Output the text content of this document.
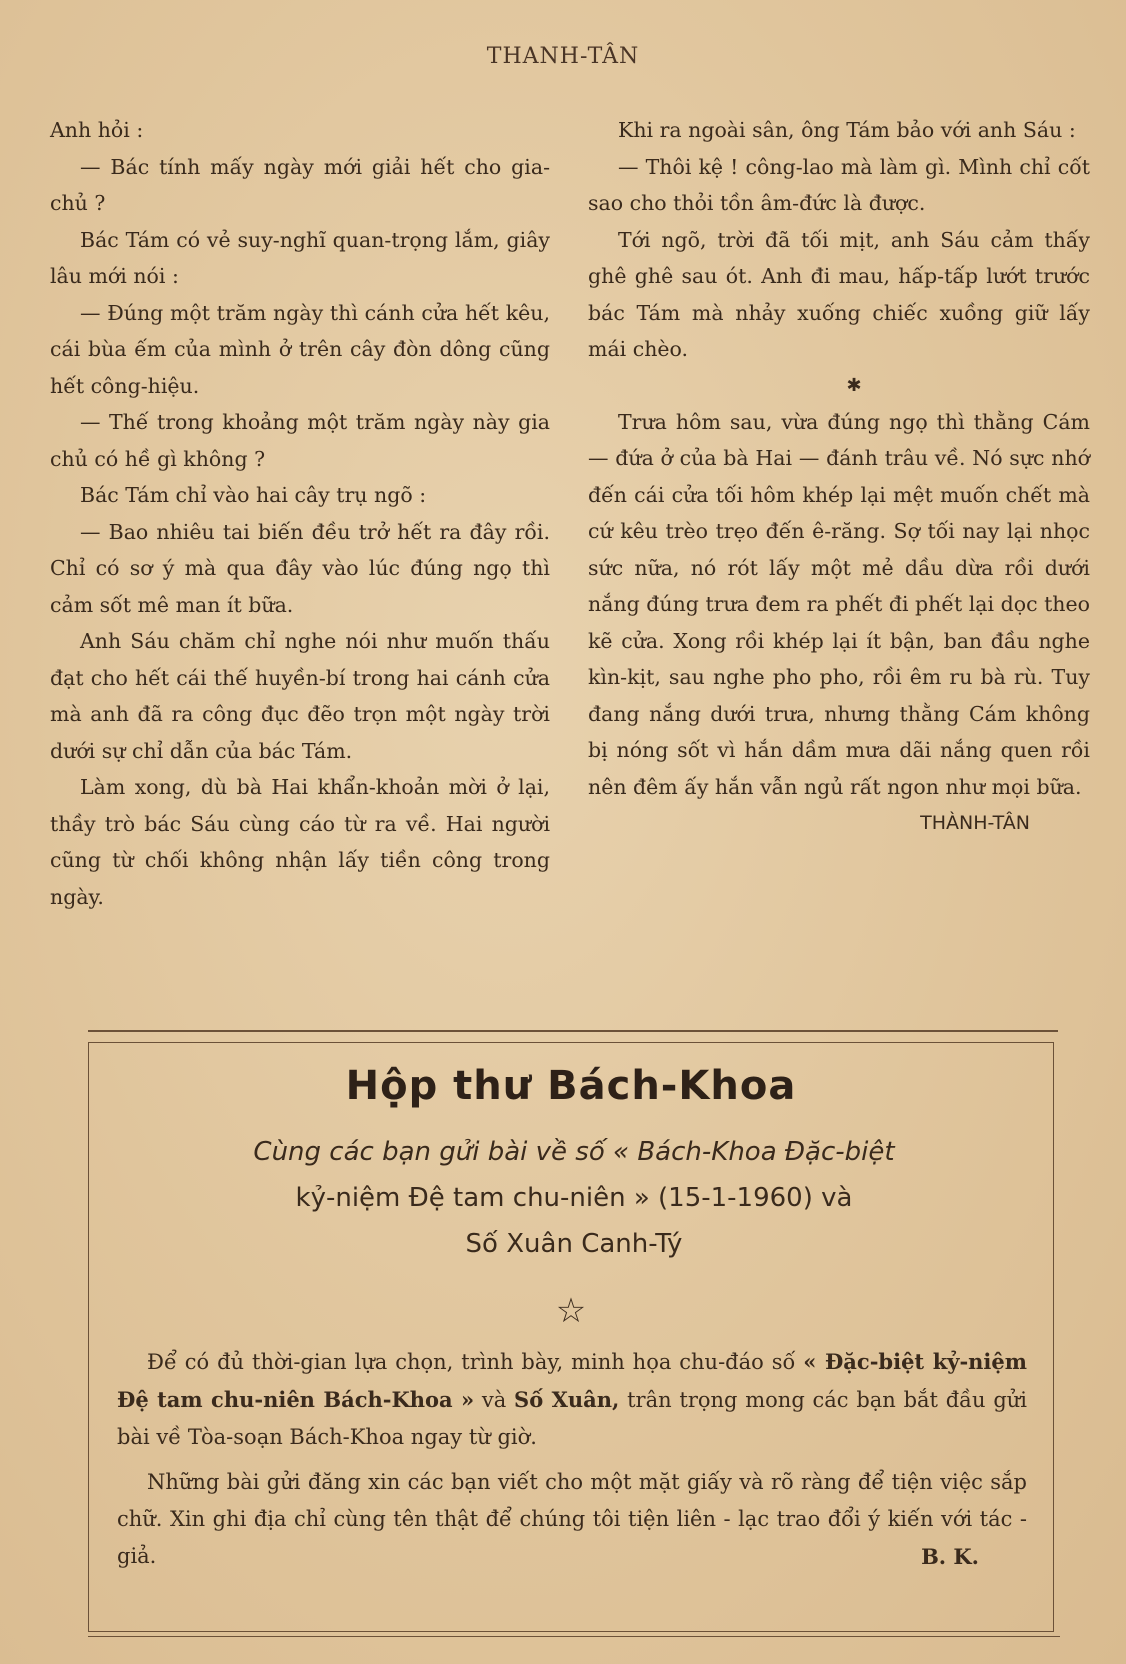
THANH-TÂN

Anh hỏi :

— Bác tính mấy ngày mới giải hết cho gia-chủ ?

Bác Tám có vẻ suy-nghĩ quan-trọng lắm, giây lâu mới nói :

— Đúng một trăm ngày thì cánh cửa hết kêu, cái bùa ếm của mình ở trên cây đòn dông cũng hết công-hiệu.

— Thế trong khoảng một trăm ngày này gia chủ có hề gì không ?

Bác Tám chỉ vào hai cây trụ ngõ :

— Bao nhiêu tai biến đều trở hết ra đây rồi. Chỉ có sơ ý mà qua đây vào lúc đúng ngọ thì cảm sốt mê man ít bữa.

Anh Sáu chăm chỉ nghe nói như muốn thấu đạt cho hết cái thế huyền-bí trong hai cánh cửa mà anh đã ra công đục đẽo trọn một ngày trời dưới sự chỉ dẫn của bác Tám.

Làm xong, dù bà Hai khẩn-khoản mời ở lại, thầy trò bác Sáu cùng cáo từ ra về. Hai người cũng từ chối không nhận lấy tiền công trong ngày.

Khi ra ngoài sân, ông Tám bảo với anh Sáu :

— Thôi kệ ! công-lao mà làm gì. Mình chỉ cốt sao cho thỏi tồn âm-đức là được.

Tới ngõ, trời đã tối mịt, anh Sáu cảm thấy ghê ghê sau ót. Anh đi mau, hấp-tấp lướt trước bác Tám mà nhảy xuống chiếc xuồng giữ lấy mái chèo.

✱

Trưa hôm sau, vừa đúng ngọ thì thằng Cám — đứa ở của bà Hai — đánh trâu về. Nó sực nhớ đến cái cửa tối hôm khép lại mệt muốn chết mà cứ kêu trèo trẹo đến ê-răng. Sợ tối nay lại nhọc sức nữa, nó rót lấy một mẻ dầu dừa rồi dưới nắng đúng trưa đem ra phết đi phết lại dọc theo kẽ cửa. Xong rồi khép lại ít bận, ban đầu nghe kìn-kịt, sau nghe pho pho, rồi êm ru bà rù. Tuy đang nắng dưới trưa, nhưng thằng Cám không bị nóng sốt vì hắn dầm mưa dãi nắng quen rồi nên đêm ấy hắn vẫn ngủ rất ngon như mọi bữa.

THÀNH-TÂN

Hộp thư Bách-Khoa
Cùng các bạn gửi bài về số « Bách-Khoa Đặc-biệt
kỷ-niệm Đệ tam chu-niên » (15-1-1960) và
Số Xuân Canh-Tý
☆

Để có đủ thời-gian lựa chọn, trình bày, minh họa chu-đáo số « Đặc-biệt kỷ-niệm Đệ tam chu-niên Bách-Khoa » và Số Xuân, trân trọng mong các bạn bắt đầu gửi bài về Tòa-soạn Bách-Khoa ngay từ giờ.

Những bài gửi đăng xin các bạn viết cho một mặt giấy và rõ ràng để tiện việc sắp chữ. Xin ghi địa chỉ cùng tên thật để chúng tôi tiện liên - lạc trao đổi ý kiến với tác - giả.	B. K.
